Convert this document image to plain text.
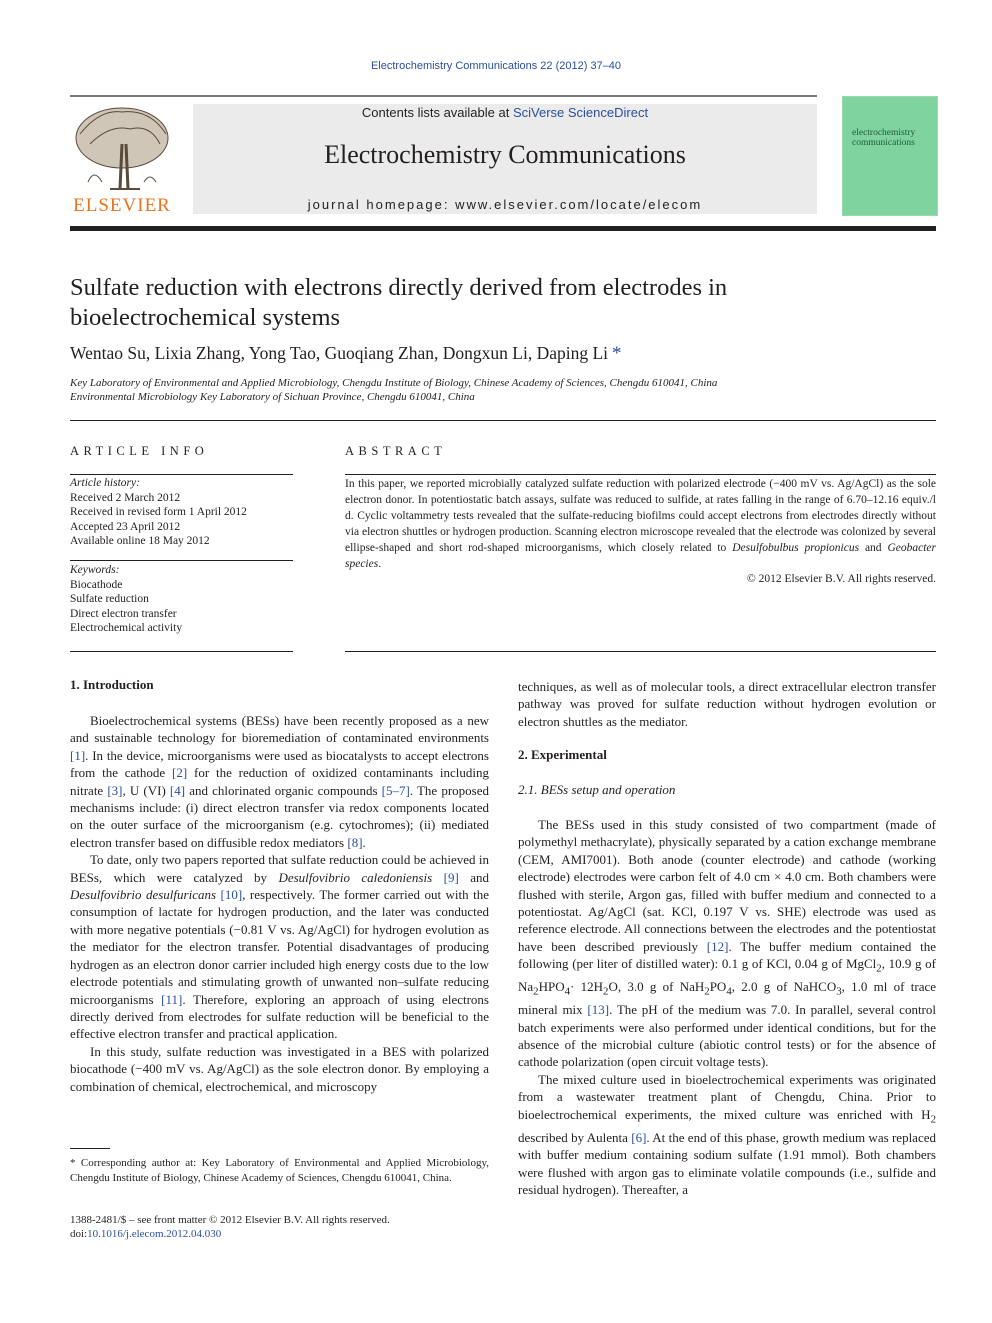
Electrochemistry Communications 22 (2012) 37–40
ELSEVIER
Contents lists available at SciVerse ScienceDirect
Electrochemistry Communications
journal homepage: www.elsevier.com/locate/elecom
electrochemistry communications
Sulfate reduction with electrons directly derived from electrodes in bioelectrochemical systems
Wentao Su, Lixia Zhang, Yong Tao, Guoqiang Zhan, Dongxun Li, Daping Li *
Key Laboratory of Environmental and Applied Microbiology, Chengdu Institute of Biology, Chinese Academy of Sciences, Chengdu 610041, China
Environmental Microbiology Key Laboratory of Sichuan Province, Chengdu 610041, China
ARTICLE INFO
Article history:
Received 2 March 2012
Received in revised form 1 April 2012
Accepted 23 April 2012
Available online 18 May 2012
Keywords:
Biocathode
Sulfate reduction
Direct electron transfer
Electrochemical activity
ABSTRACT
In this paper, we reported microbially catalyzed sulfate reduction with polarized electrode (−400 mV vs. Ag/AgCl) as the sole electron donor. In potentiostatic batch assays, sulfate was reduced to sulfide, at rates falling in the range of 6.70–12.16 equiv./l d. Cyclic voltammetry tests revealed that the sulfate-reducing biofilms could accept electrons from electrodes directly without via electron shuttles or hydrogen production. Scanning electron microscope revealed that the electrode was colonized by several ellipse-shaped and short rod-shaped microorganisms, which closely related to Desulfobulbus propionicus and Geobacter species.
© 2012 Elsevier B.V. All rights reserved.
1. Introduction

Bioelectrochemical systems (BESs) have been recently proposed as a new and sustainable technology for bioremediation of contaminated environments [1]. In the device, microorganisms were used as biocatalysts to accept electrons from the cathode [2] for the reduction of oxidized contaminants including nitrate [3], U (VI) [4] and chlorinated organic compounds [5–7]. The proposed mechanisms include: (i) direct electron transfer via redox components located on the outer surface of the microorganism (e.g. cytochromes); (ii) mediated electron transfer based on diffusible redox mediators [8].

To date, only two papers reported that sulfate reduction could be achieved in BESs, which were catalyzed by Desulfovibrio caledoniensis [9] and Desulfovibrio desulfuricans [10], respectively. The former carried out with the consumption of lactate for hydrogen production, and the later was conducted with more negative potentials (−0.81 V vs. Ag/AgCl) for hydrogen evolution as the mediator for the electron transfer. Potential disadvantages of producing hydrogen as an electron donor carrier included high energy costs due to the low electrode potentials and stimulating growth of unwanted non–sulfate reducing microorganisms [11]. Therefore, exploring an approach of using electrons directly derived from electrodes for sulfate reduction will be beneficial to the effective electron transfer and practical application.

In this study, sulfate reduction was investigated in a BES with polarized biocathode (−400 mV vs. Ag/AgCl) as the sole electron donor. By employing a combination of chemical, electrochemical, and microscopy

techniques, as well as of molecular tools, a direct extracellular electron transfer pathway was proved for sulfate reduction without hydrogen evolution or electron shuttles as the mediator.

2. Experimental
2.1. BESs setup and operation

The BESs used in this study consisted of two compartment (made of polymethyl methacrylate), physically separated by a cation exchange membrane (CEM, AMI7001). Both anode (counter electrode) and cathode (working electrode) electrodes were carbon felt of 4.0 cm × 4.0 cm. Both chambers were flushed with sterile, Argon gas, filled with buffer medium and connected to a potentiostat. Ag/AgCl (sat. KCl, 0.197 V vs. SHE) electrode was used as reference electrode. All connections between the electrodes and the potentiostat have been described previously [12]. The buffer medium contained the following (per liter of distilled water): 0.1 g of KCl, 0.04 g of MgCl$_2$, 10.9 g of $Na_2HPO_4\cdot 12H_2O$, 3.0 g of $NaH_2PO_4$, 2.0 g of NaHCO$_3$, 1.0 ml of trace mineral mix [13]. The pH of the medium was 7.0. In parallel, several control batch experiments were also performed under identical conditions, but for the absence of the microbial culture (abiotic control tests) or for the absence of cathode polarization (open circuit voltage tests).

The mixed culture used in bioelectrochemical experiments was originated from a wastewater treatment plant of Chengdu, China. Prior to bioelectrochemical experiments, the mixed culture was enriched with $H_2$ described by Aulenta [6]. At the end of this phase, growth medium was replaced with buffer medium containing sodium sulfate (1.91 mmol). Both chambers were flushed with argon gas to eliminate volatile compounds (i.e., sulfide and residual hydrogen). Thereafter, a

* Corresponding author at: Key Laboratory of Environmental and Applied Microbiology, Chengdu Institute of Biology, Chinese Academy of Sciences, Chengdu 610041, China.
1388-2481/$ – see front matter © 2012 Elsevier B.V. All rights reserved.
doi:10.1016/j.elecom.2012.04.030
